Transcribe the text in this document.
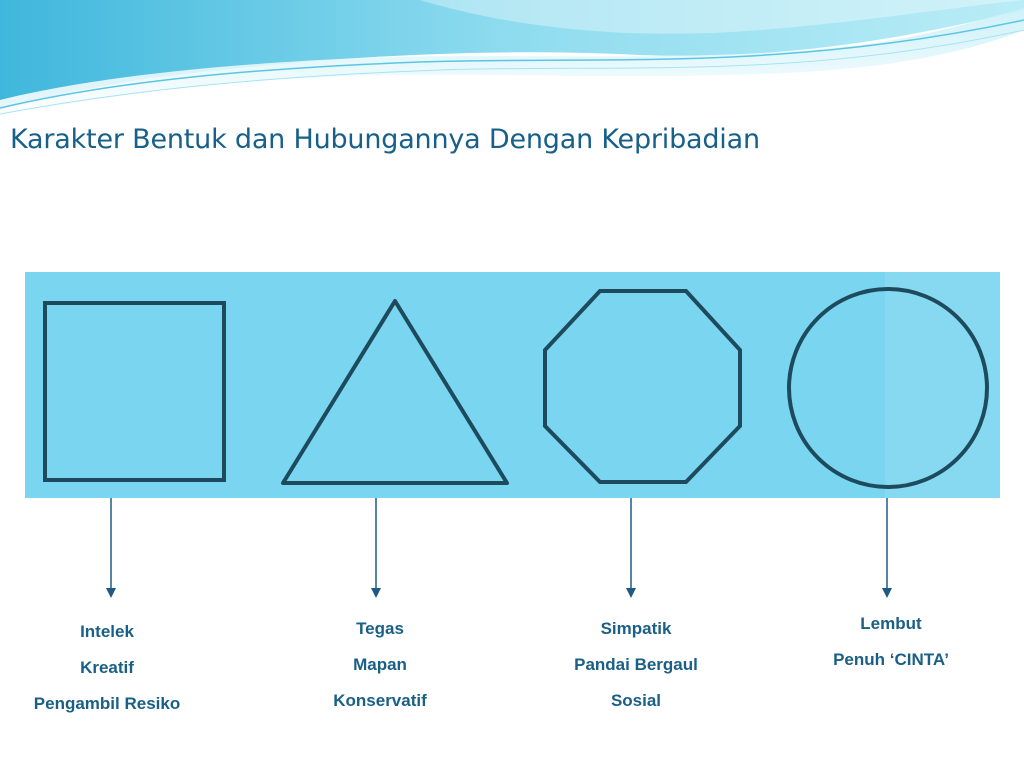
Karakter Bentuk dan Hubungannya Dengan Kepribadian
Intelek
Kreatif
Pengambil Resiko
Tegas
Mapan
Konservatif
Simpatik
Pandai Bergaul
Sosial
Lembut
Penuh ‘CINTA’
